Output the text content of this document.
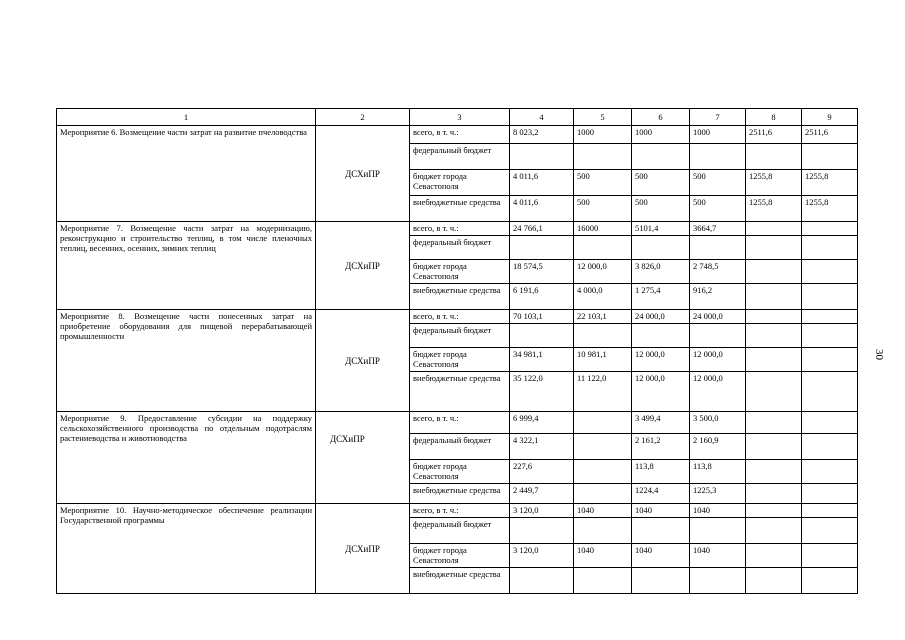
1	2	3	4	5	6	7	8	9
Мероприятие 6. Возмещение части затрат на развитие пчеловодства	ДСХиПР	всего, в т. ч.:	8 023,2	1000	1000	1000	2511,6	2511,6
		федеральный бюджет						
		бюджет города Севастополя	4 011,6	500	500	500	1255,8	1255,8
		внебюджетные средства	4 011,6	500	500	500	1255,8	1255,8
Мероприятие 7. Возмещение части затрат на модернизацию, реконструкцию и строительство теплиц, в том числе пленочных теплиц, весенних, осенних, зимних теплиц	ДСХиПР	всего, в т. ч.:	24 766,1	16000	5101,4	3664,7		
		федеральный бюджет						
		бюджет города Севастополя	18 574,5	12 000,0	3 826,0	2 748,5		
		внебюджетные средства	6 191,6	4 000,0	1 275,4	916,2		
Мероприятие 8. Возмещение части понесенных затрат на приобретение оборудования для пищевой перерабатывающей промышленности	ДСХиПР	всего, в т. ч.:	70 103,1	22 103,1	24 000,0	24 000,0		
		федеральный бюджет						
		бюджет города Севастополя	34 981,1	10 981,1	12 000,0	12 000,0		
		внебюджетные средства	35 122,0	11 122,0	12 000,0	12 000,0		
Мероприятие 9. Предоставление субсидии на поддержку сельскохозяйственного производства по отдельным подотраслям растениеводства и животноводства	ДСХиПР	всего, в т. ч.:	6 999,4		3 499,4	3 500,0		
		федеральный бюджет	4 322,1		2 161,2	2 160,9		
		бюджет города Севастополя	227,6		113,8	113,8		
		внебюджетные средства	2 449,7		1224,4	1225,3		
Мероприятие 10. Научно-методическое обеспечение реализации Государственной программы	ДСХиПР	всего, в т. ч.:	3 120,0	1040	1040	1040		
		федеральный бюджет						
		бюджет города Севастополя	3 120,0	1040	1040	1040		
		внебюджетные средства						
30
